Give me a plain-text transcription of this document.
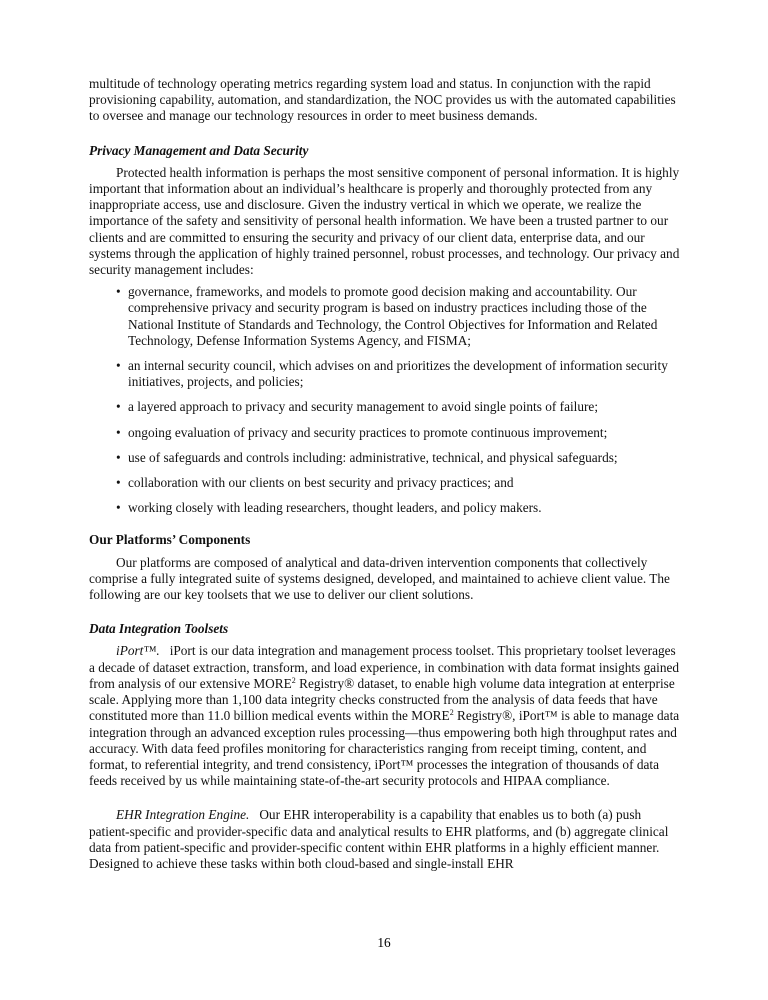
multitude of technology operating metrics regarding system load and status. In conjunction with the rapid provisioning capability, automation, and standardization, the NOC provides us with the automated capabilities to oversee and manage our technology resources in order to meet business demands.

Privacy Management and Data Security

Protected health information is perhaps the most sensitive component of personal information. It is highly important that information about an individual’s healthcare is properly and thoroughly protected from any inappropriate access, use and disclosure. Given the industry vertical in which we operate, we realize the importance of the safety and sensitivity of personal health information. We have been a trusted partner to our clients and are committed to ensuring the security and privacy of our client data, enterprise data, and our systems through the application of highly trained personnel, robust processes, and technology. Our privacy and security management includes:

• governance, frameworks, and models to promote good decision making and accountability. Our comprehensive privacy and security program is based on industry practices including those of the National Institute of Standards and Technology, the Control Objectives for Information and Related Technology, Defense Information Systems Agency, and FISMA;
• an internal security council, which advises on and prioritizes the development of information security initiatives, projects, and policies;
• a layered approach to privacy and security management to avoid single points of failure;
• ongoing evaluation of privacy and security practices to promote continuous improvement;
• use of safeguards and controls including: administrative, technical, and physical safeguards;
• collaboration with our clients on best security and privacy practices; and
• working closely with leading researchers, thought leaders, and policy makers.

Our Platforms’ Components

Our platforms are composed of analytical and data-driven intervention components that collectively comprise a fully integrated suite of systems designed, developed, and maintained to achieve client value. The following are our key toolsets that we use to deliver our client solutions.

Data Integration Toolsets

iPort™. iPort is our data integration and management process toolset. This proprietary toolset leverages a decade of dataset extraction, transform, and load experience, in combination with data format insights gained from analysis of our extensive MORE$^2$ Registry® dataset, to enable high volume data integration at enterprise scale. Applying more than 1,100 data integrity checks constructed from the analysis of data feeds that have constituted more than 11.0 billion medical events within the MORE$^2$ Registry®, iPort™ is able to manage data integration through an advanced exception rules processing—thus empowering both high throughput rates and accuracy. With data feed profiles monitoring for characteristics ranging from receipt timing, content, and format, to referential integrity, and trend consistency, iPort™ processes the integration of thousands of data feeds received by us while maintaining state-of-the-art security protocols and HIPAA compliance.

EHR Integration Engine. Our EHR interoperability is a capability that enables us to both (a) push patient-specific and provider-specific data and analytical results to EHR platforms, and (b) aggregate clinical data from patient-specific and provider-specific content within EHR platforms in a highly efficient manner. Designed to achieve these tasks within both cloud-based and single-install EHR

16
